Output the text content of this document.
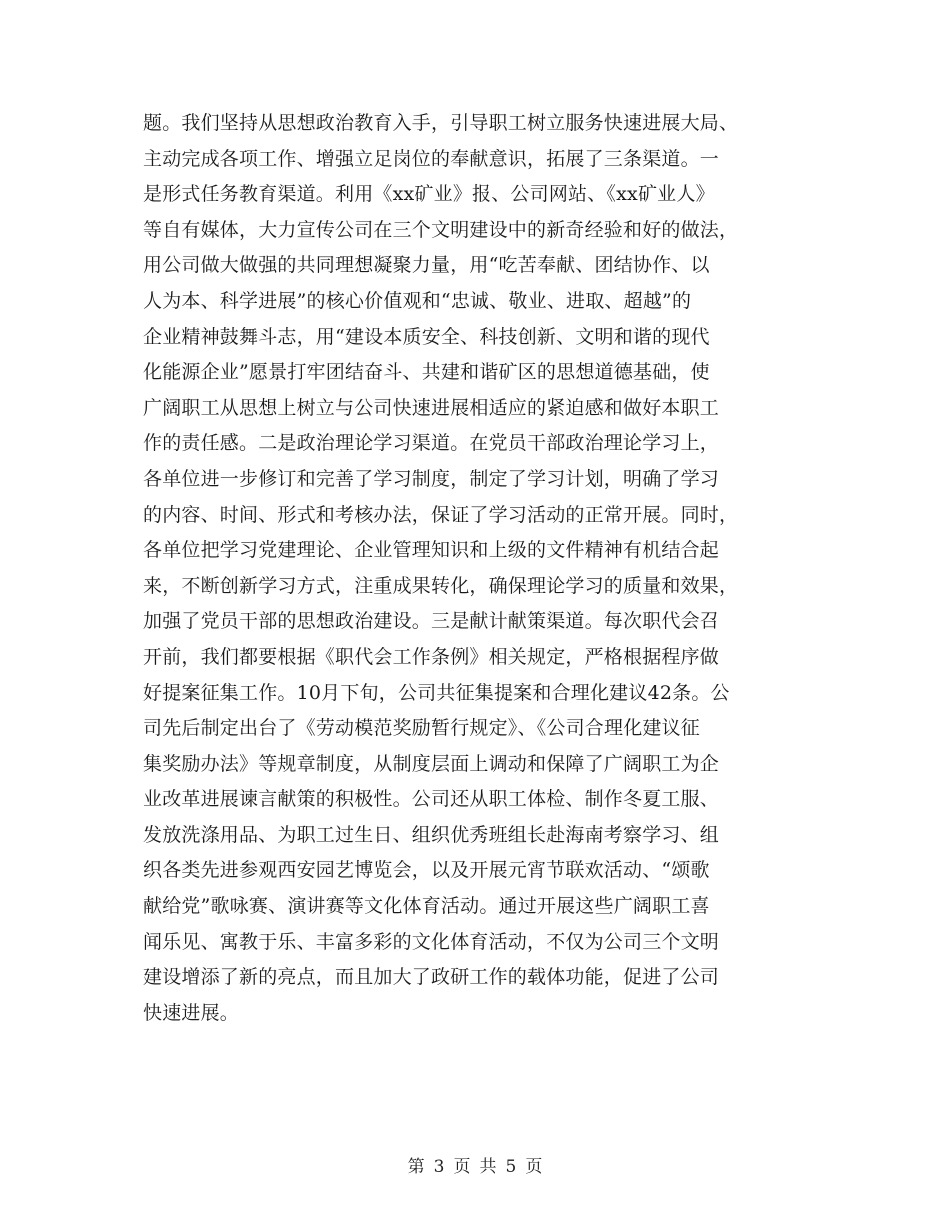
题。我们坚持从思想政治教育入手，引导职工树立服务快速进展大局、
主动完成各项工作、增强立足岗位的奉献意识，拓展了三条渠道。一
是形式任务教育渠道。利用《xx矿业》报、公司网站、《xx矿业人》
等自有媒体，大力宣传公司在三个文明建设中的新奇经验和好的做法，
用公司做大做强的共同理想凝聚力量，用“吃苦奉献、团结协作、以
人为本、科学进展”的核心价值观和“忠诚、敬业、进取、超越”的
企业精神鼓舞斗志，用“建设本质安全、科技创新、文明和谐的现代
化能源企业”愿景打牢团结奋斗、共建和谐矿区的思想道德基础，使
广阔职工从思想上树立与公司快速进展相适应的紧迫感和做好本职工
作的责任感。二是政治理论学习渠道。在党员干部政治理论学习上，
各单位进一步修订和完善了学习制度，制定了学习计划，明确了学习
的内容、时间、形式和考核办法，保证了学习活动的正常开展。同时，
各单位把学习党建理论、企业管理知识和上级的文件精神有机结合起
来，不断创新学习方式，注重成果转化，确保理论学习的质量和效果，
加强了党员干部的思想政治建设。三是献计献策渠道。每次职代会召
开前，我们都要根据《职代会工作条例》相关规定，严格根据程序做
好提案征集工作。10月下旬，公司共征集提案和合理化建议42条。公
司先后制定出台了《劳动模范奖励暂行规定》、《公司合理化建议征
集奖励办法》等规章制度，从制度层面上调动和保障了广阔职工为企
业改革进展谏言献策的积极性。公司还从职工体检、制作冬夏工服、
发放洗涤用品、为职工过生日、组织优秀班组长赴海南考察学习、组
织各类先进参观西安园艺博览会，以及开展元宵节联欢活动、“颂歌
献给党”歌咏赛、演讲赛等文化体育活动。通过开展这些广阔职工喜
闻乐见、寓教于乐、丰富多彩的文化体育活动，不仅为公司三个文明
建设增添了新的亮点，而且加大了政研工作的载体功能，促进了公司
快速进展。
第 3 页 共 5 页
